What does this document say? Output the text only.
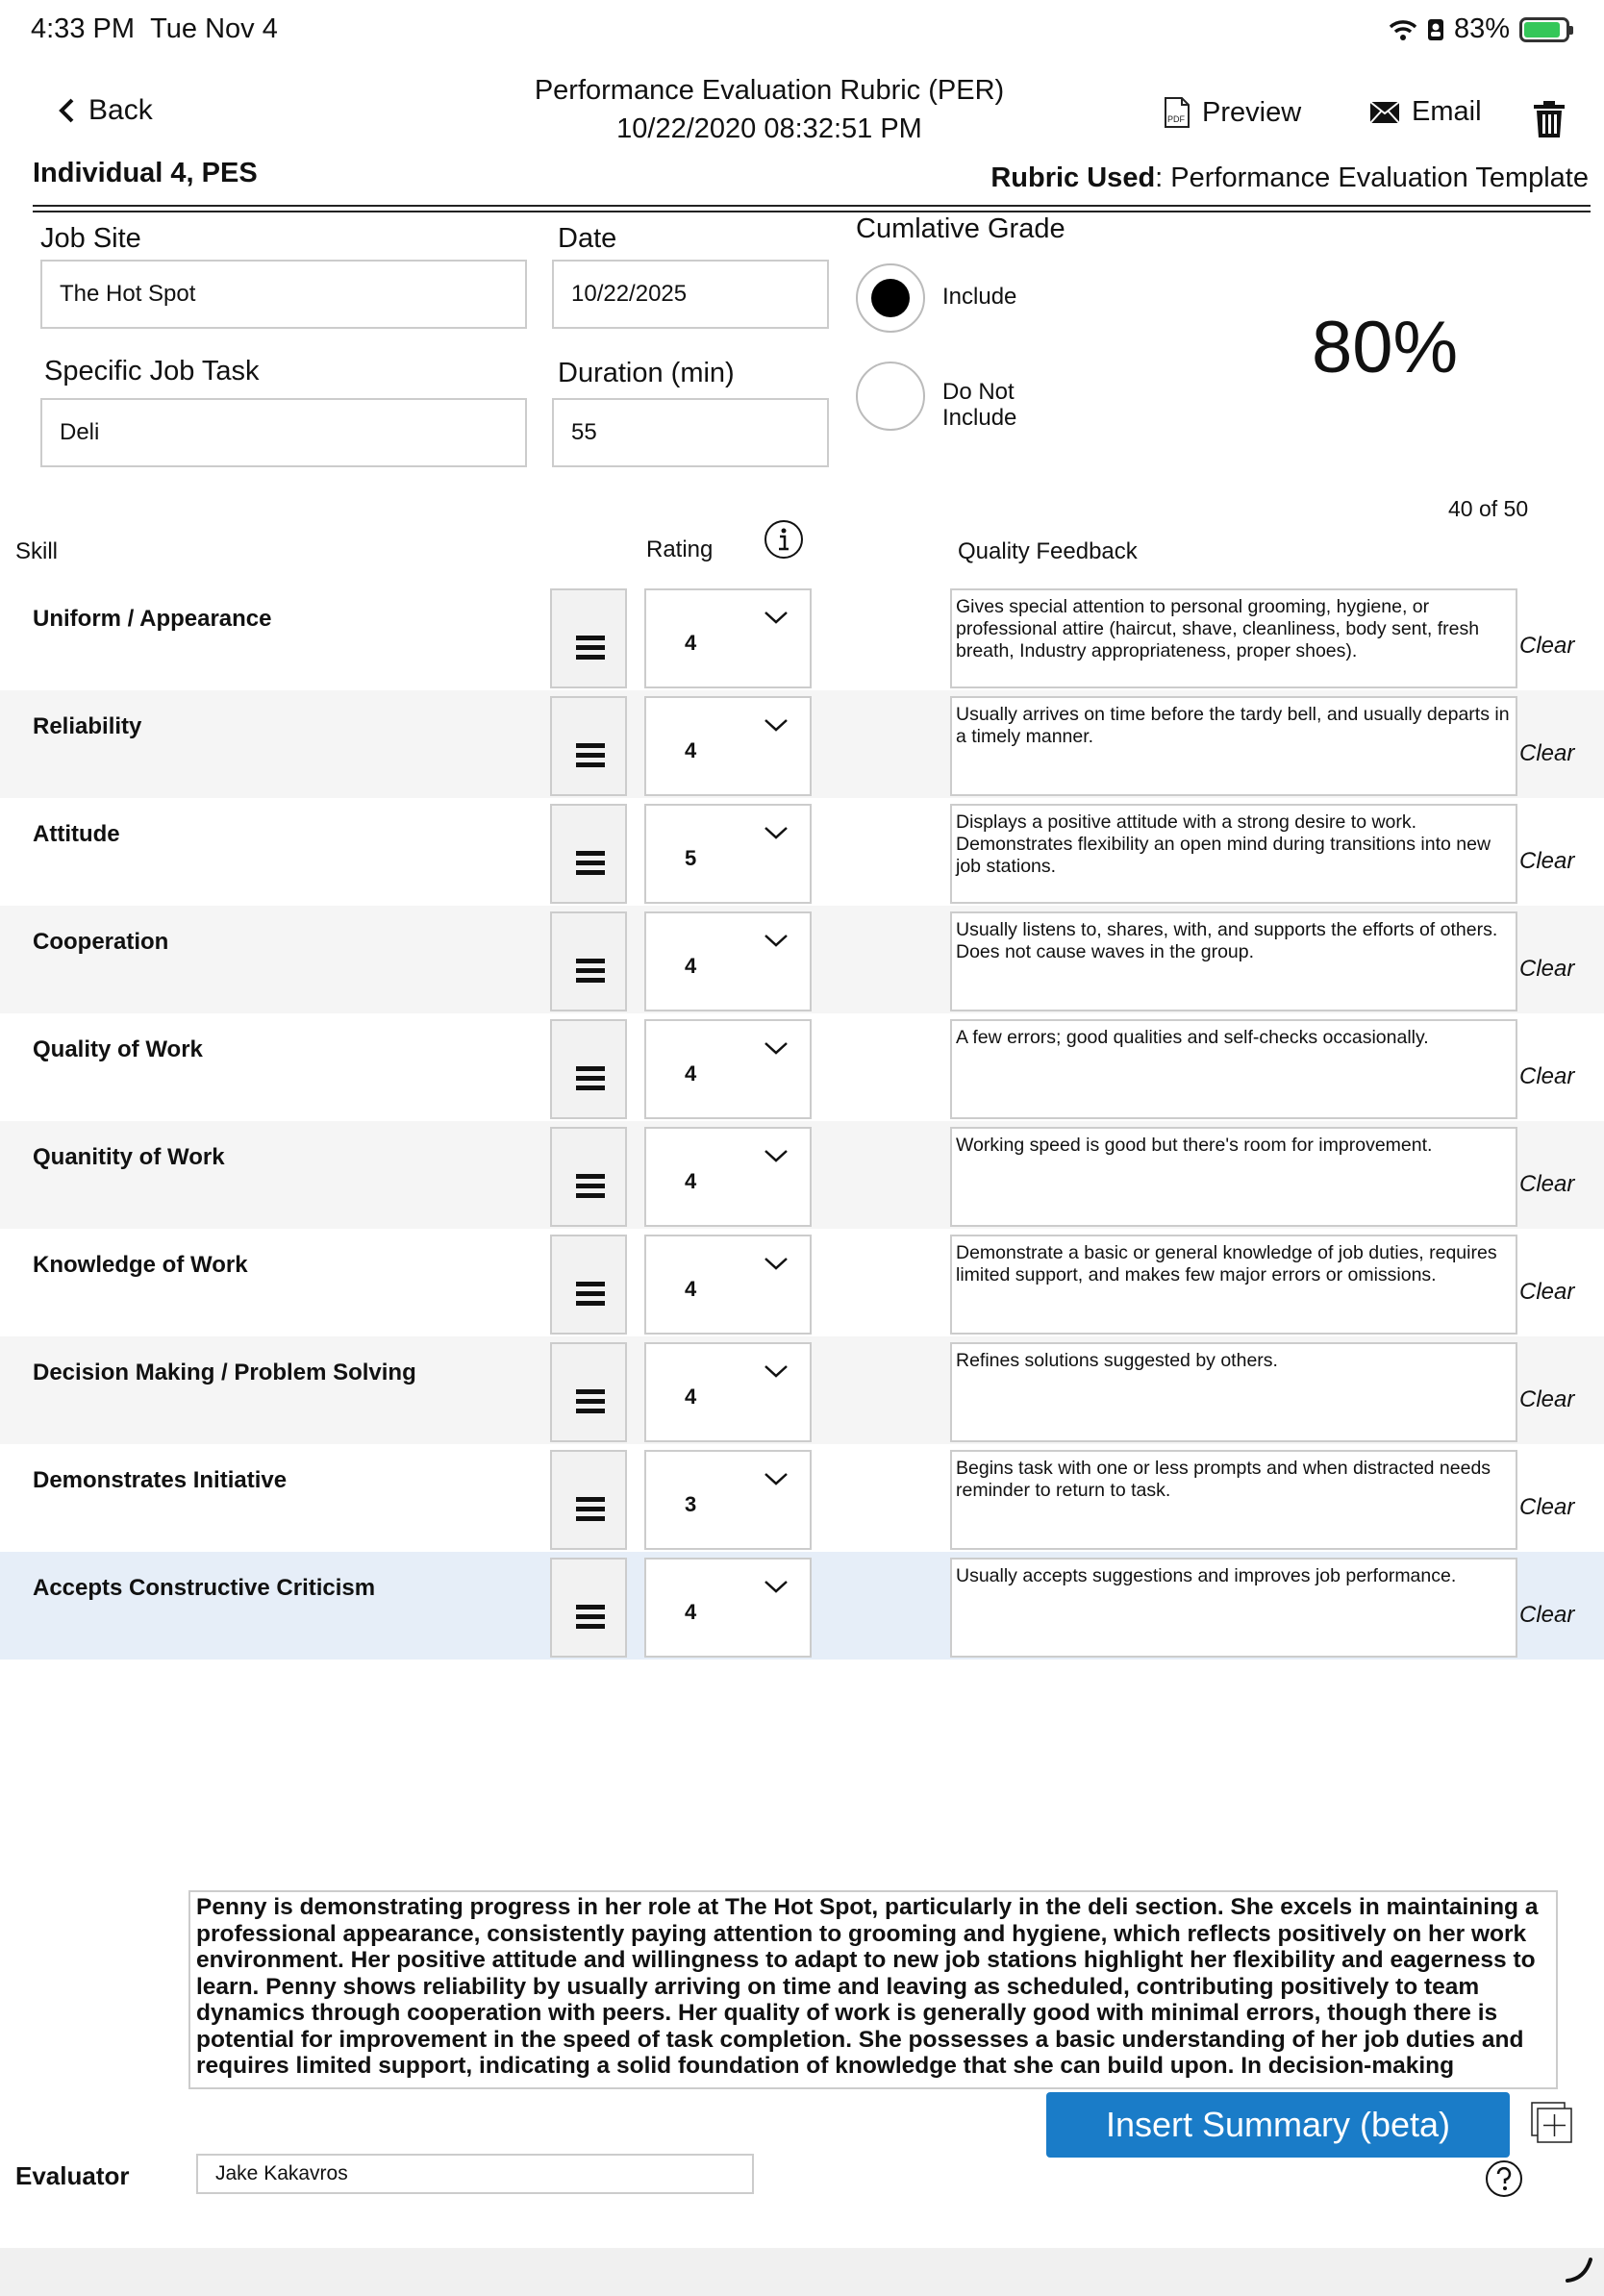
4:33 PM Tue Nov 4	83%
Back
Performance Evaluation Rubric (PER)
10/22/2020 08:32:51 PM	PDF Preview	Email
Individual 4, PES	Rubric Used: Performance Evaluation Template
Job Site
The Hot Spot
Date
10/22/2025
Specific Job Task
Deli
Duration (min)
55
Cumlative Grade
Include
Do Not Include
80%
40 of 50
Skill	Rating	Quality Feedback
Uniform / Appearance
4
Gives special attention to personal grooming, hygiene, or professional attire (haircut, shave, cleanliness, body sent, fresh breath, Industry appropriateness, proper shoes).	Clear
Reliability
4
Usually arrives on time before the tardy bell, and usually departs in a timely manner.
Clear
Attitude
5
Displays a positive attitude with a strong desire to work. Demonstrates flexibility an open mind during transitions into new job stations.	Clear
Cooperation
4
Usually listens to, shares, with, and supports the efforts of others. Does not cause waves in the group.
Clear
Quality of Work
4
A few errors; good qualities and self-checks occasionally.
Clear
Quanitity of Work
4
Working speed is good but there's room for improvement.
Clear
Knowledge of Work
4
Demonstrate a basic or general knowledge of job duties, requires limited support, and makes few major errors or omissions.
Clear
Decision Making / Problem Solving
4
Refines solutions suggested by others.
Clear
Demonstrates Initiative
3
Begins task with one or less prompts and when distracted needs reminder to return to task.
Clear
Accepts Constructive Criticism
4
Usually accepts suggestions and improves job performance.
Clear
Penny is demonstrating progress in her role at The Hot Spot, particularly in the deli section. She excels in maintaining a professional appearance, consistently paying attention to grooming and hygiene, which reflects positively on her work environment. Her positive attitude and willingness to adapt to new job stations highlight her flexibility and eagerness to learn. Penny shows reliability by usually arriving on time and leaving as scheduled, contributing positively to team dynamics through cooperation with peers. Her quality of work is generally good with minimal errors, though there is potential for improvement in the speed of task completion. She possesses a basic understanding of her job duties and requires limited support, indicating a solid foundation of knowledge that she can build upon. In decision-making
Insert Summary (beta)
Evaluator	Jake Kakavros
